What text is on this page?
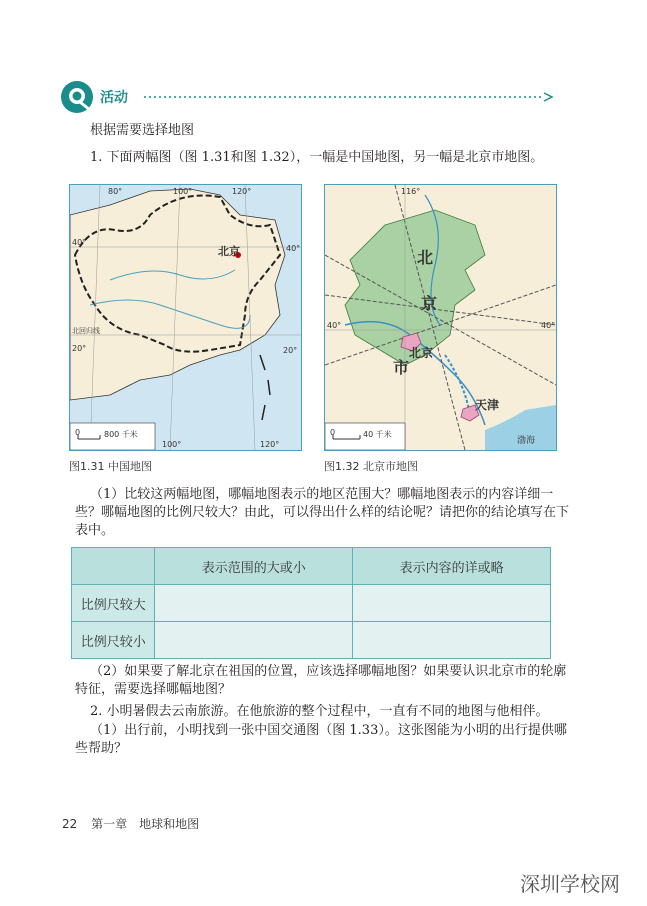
活动
根据需要选择地图
1. 下面两幅图（图 1.31和图 1.32），一幅是中国地图，另一幅是北京市地图。
80°	100°	120°
40°
40°
北回归线
20°	20°
北京
100°	120°
0	800 千米
图1.31 中国地图
116°
40°	40°
北
京
市
北京
天津
渤海
0	40 千米
图1.32 北京市地图
（1）比较这两幅地图，哪幅地图表示的地区范围大？哪幅地图表示的内容详细一些？哪幅地图的比例尺较大？由此，可以得出什么样的结论呢？请把你的结论填写在下表中。
	表示范围的大或小	表示内容的详或略
比例尺较大		
比例尺较小		
（2）如果要了解北京在祖国的位置，应该选择哪幅地图？如果要认识北京市的轮廓特征，需要选择哪幅地图？
2. 小明暑假去云南旅游。在他旅游的整个过程中，一直有不同的地图与他相伴。
（1）出行前，小明找到一张中国交通图（图 1.33）。这张图能为小明的出行提供哪些帮助？
22 第一章　地球和地图
深圳学校网
